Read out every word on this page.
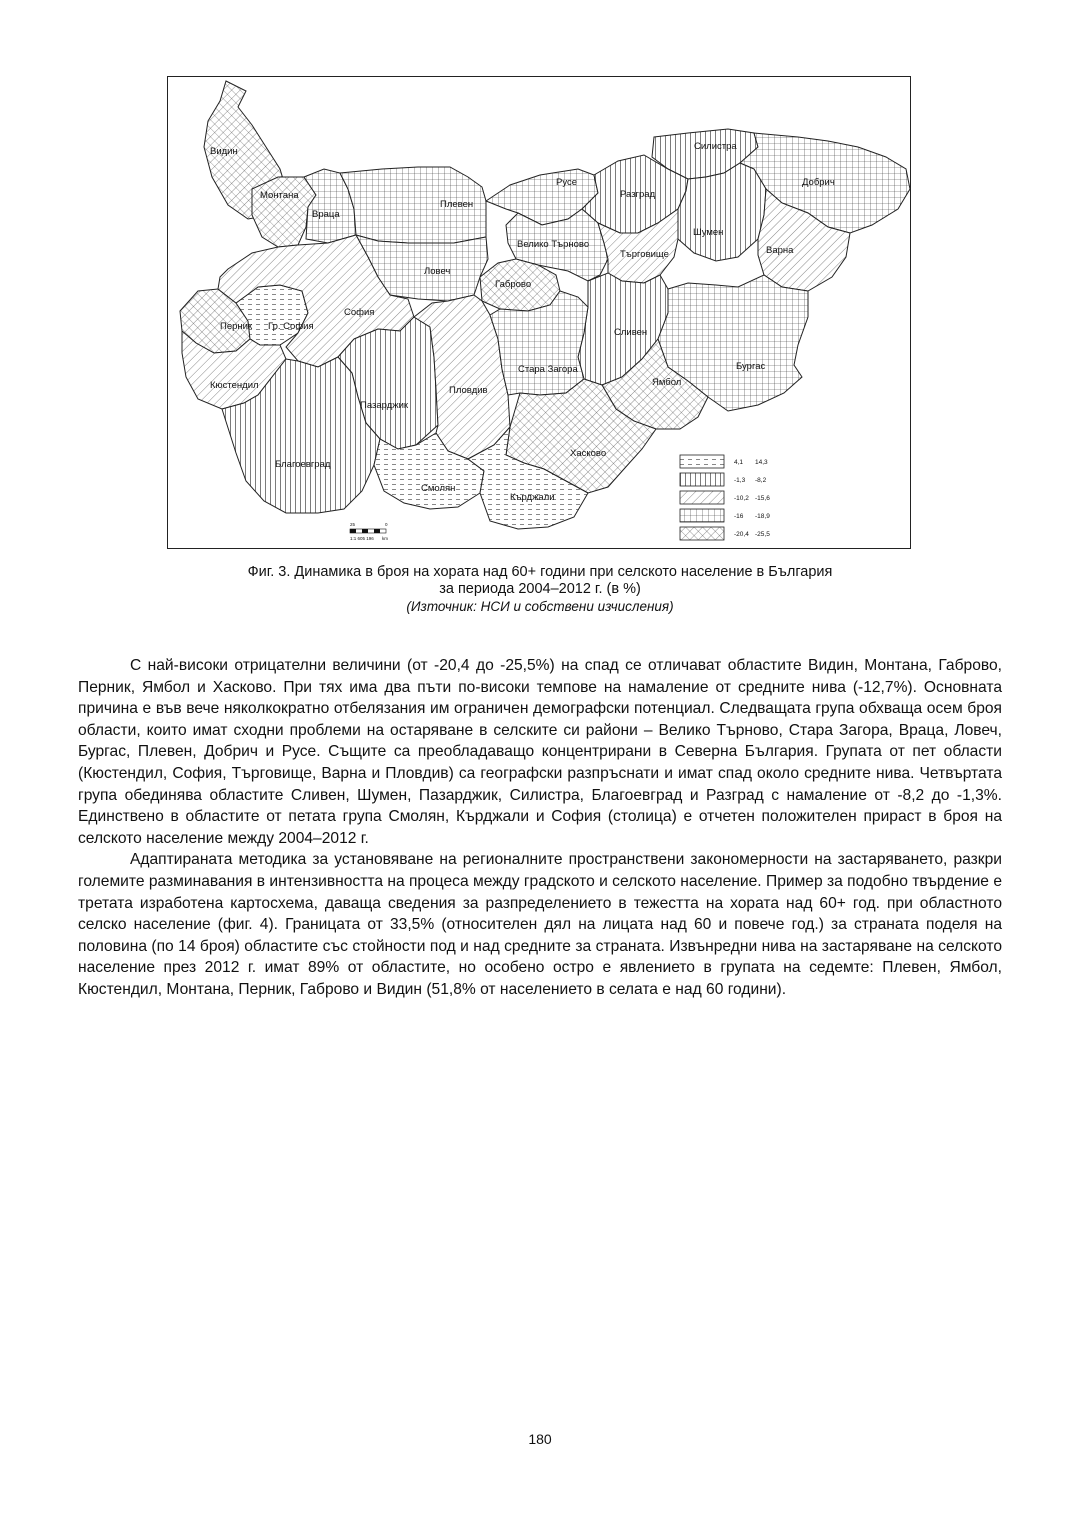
Видин
Монтана
Враца
Плевен
Русе
Силистра
Добрич
Разград
Шумен
Варна
Велико Търново
Търговище
Ловеч
Габрово
Перник Гр. София
София
Сливен
Бургас
Кюстендил
Пазарджик
Пловдив
Стара Загора
Ямбол
Хасково
Благоевград
Смолян
Кърджали
4,1 14,3
-1,3 -8,2
-10,2 -15,6
-16 -18,9
-20,4 -25,5
25	0
1:1 605 196 km
Фиг. 3. Динамика в броя на хората над 60+ години при селското население в България
за периода 2004–2012 г. (в %)
(Източник: НСИ и собствени изчисления)

С най-високи отрицателни величини (от -20,4 до -25,5%) на спад се отличават областите Видин, Монтана, Габрово, Перник, Ямбол и Хасково. При тях има два пъти по-високи темпове на намаление от средните нива (-12,7%). Основната причина е във вече няколкократно отбелязания им ограничен демографски потенциал. Следващата група обхваща осем броя области, които имат сходни проблеми на остаряване в селските си райони – Велико Търново, Стара Загора, Враца, Ловеч, Бургас, Плевен, Добрич и Русе. Същите са преобладаващо концентрирани в Северна България. Групата от пет области (Кюстендил, София, Търговище, Варна и Пловдив) са географски разпръснати и имат спад около средните нива. Четвъртата група обединява областите Сливен, Шумен, Пазарджик, Силистра, Благоевград и Разград с намаление от -8,2 до -1,3%. Единствено в областите от петата група Смолян, Кърджали и София (столица) е отчетен положителен прираст в броя на селското население между 2004–2012 г.

Адаптираната методика за установяване на регионалните пространствени закономерности на застаряването, разкри големите разминавания в интензивността на процеса между градското и селското население. Пример за подобно твърдение е третата изработена картосхема, даваща сведения за разпределението в тежестта на хората над 60+ год. при областното селско население (фиг. 4). Границата от 33,5% (относителен дял на лицата над 60 и повече год.) за страната поделя на половина (по 14 броя) областите със стойности под и над средните за страната. Извънредни нива на застаряване на селското население през 2012 г. имат 89% от областите, но особено остро е явлението в групата на седемте: Плевен, Ямбол, Кюстендил, Монтана, Перник, Габрово и Видин (51,8% от населението в селата е над 60 години).

180
